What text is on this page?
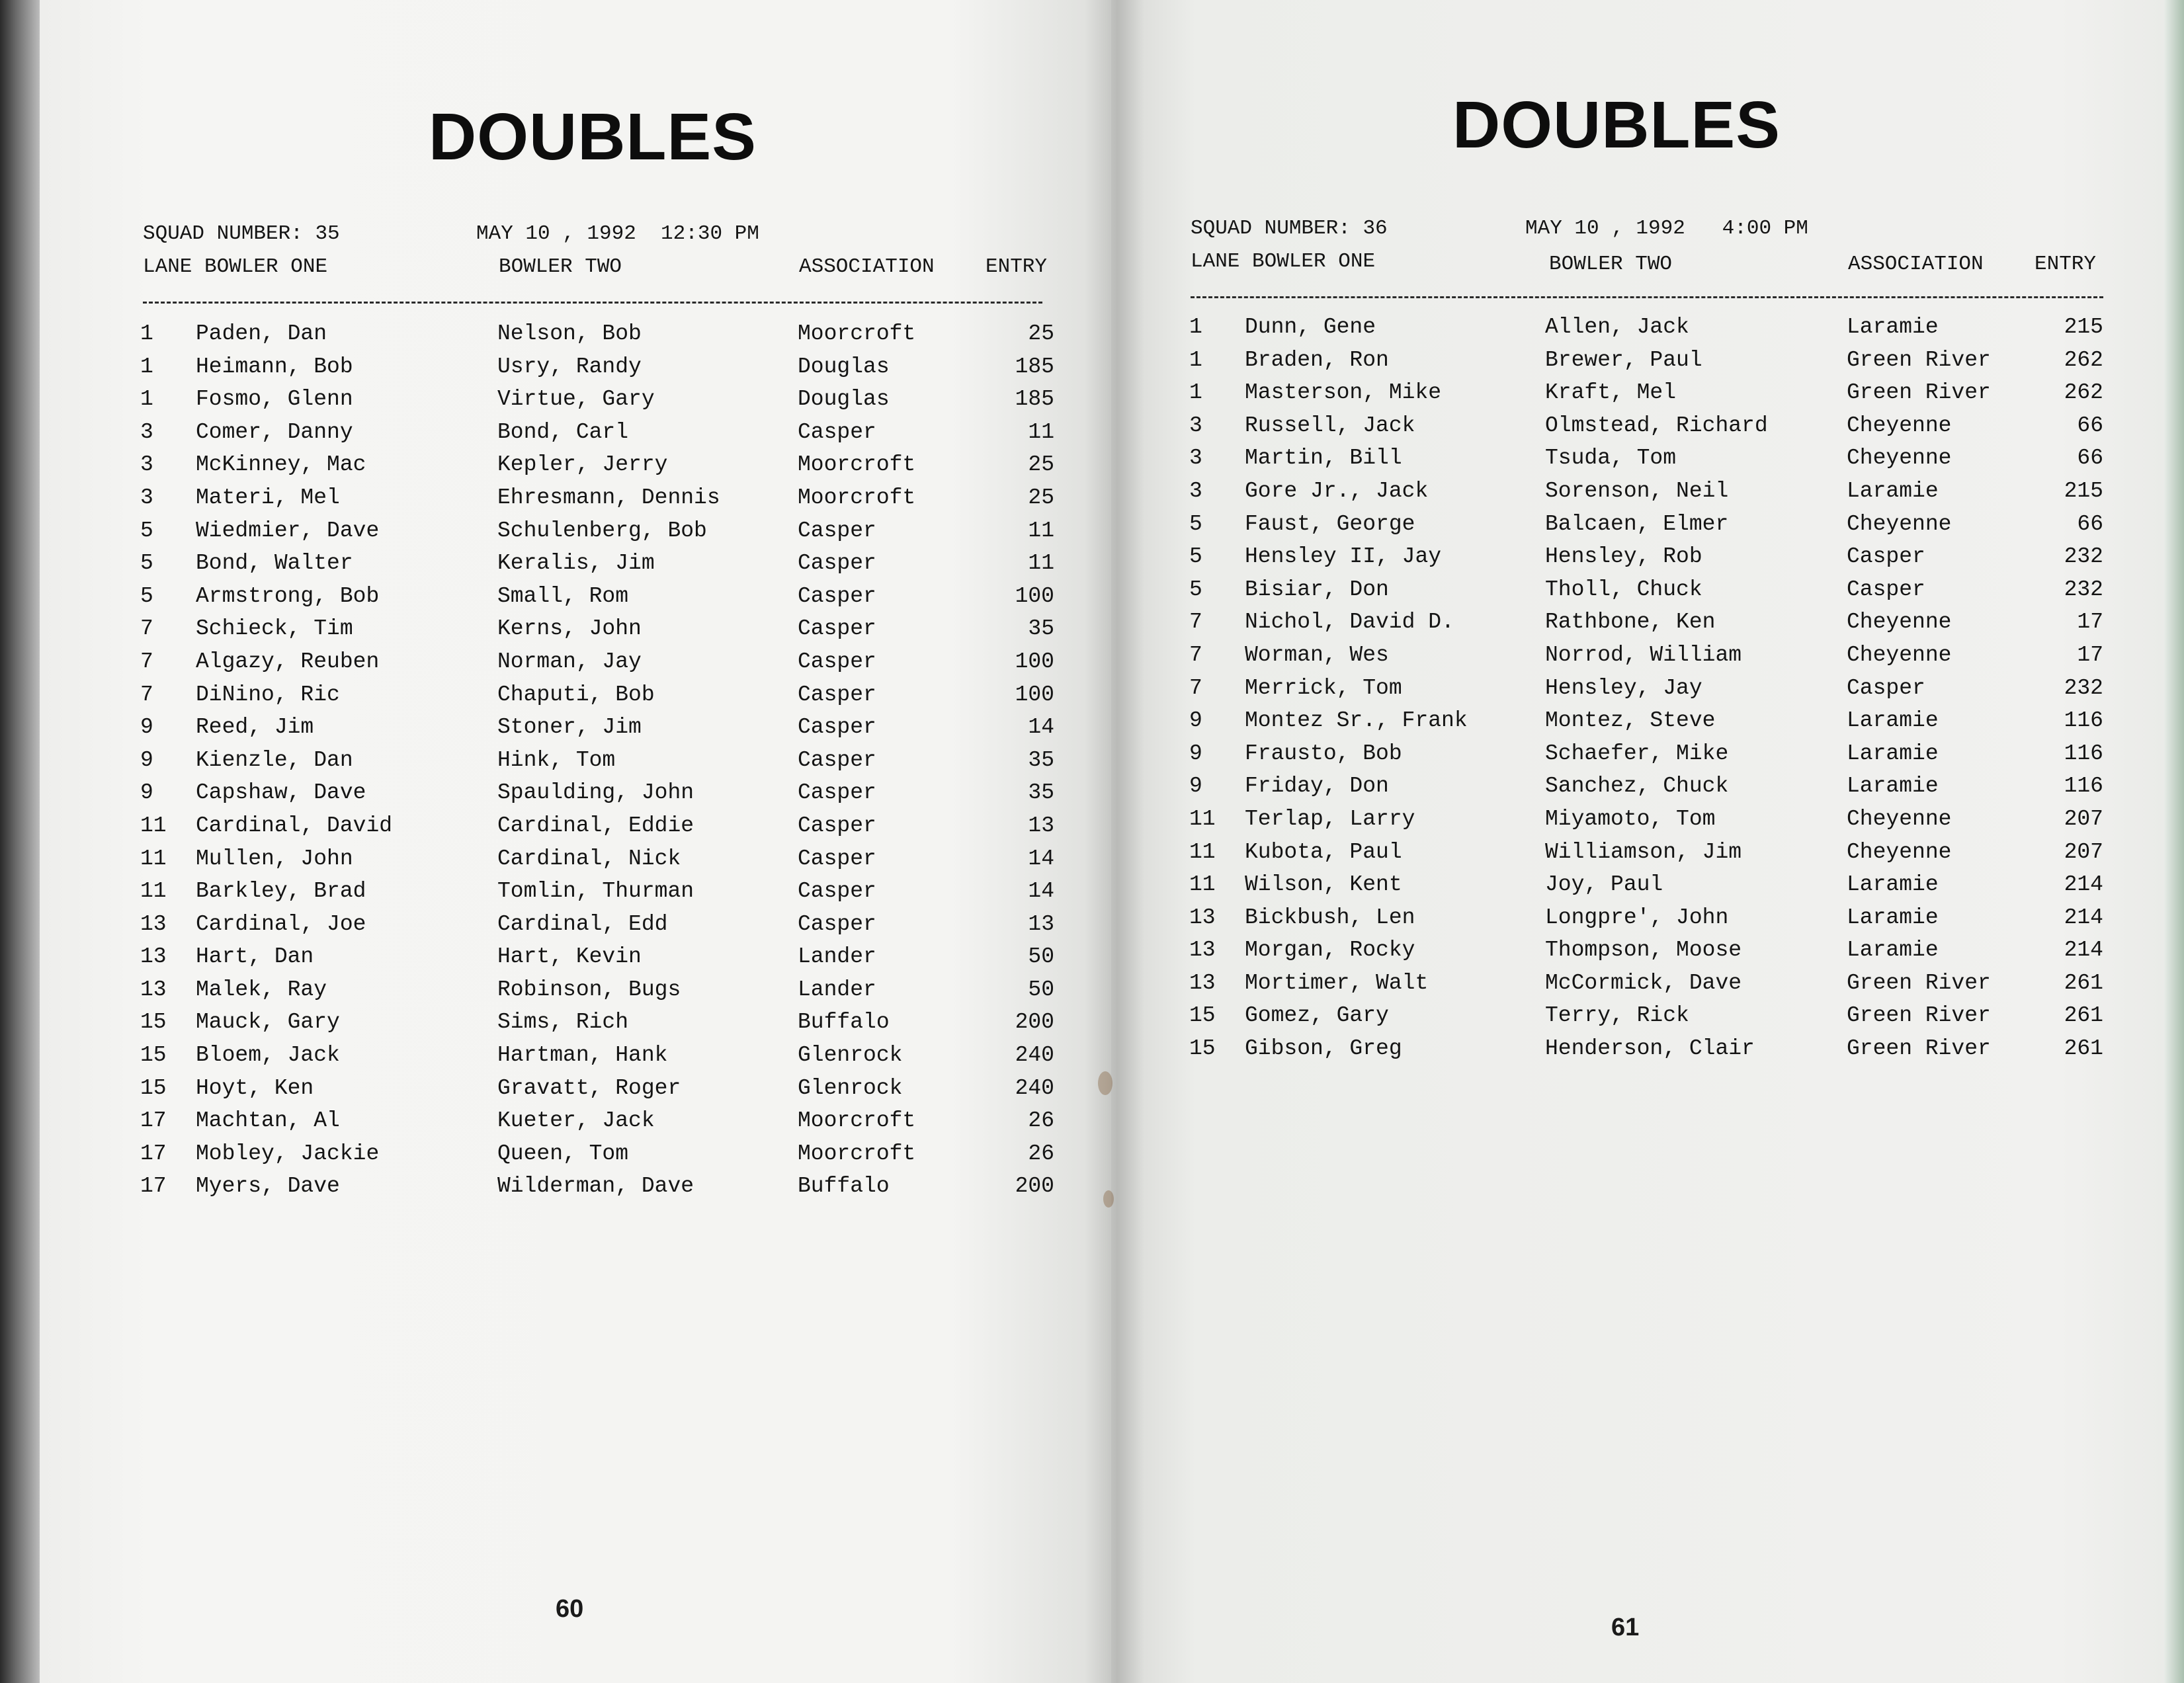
DOUBLES
SQUAD NUMBER: 35	MAY 10 , 1992  12:30 PM
LANE BOWLER ONE	BOWLER TWO	ASSOCIATION ENTRY
1 Paden, Dan	Nelson, Bob	Moorcroft	25
1 Heimann, Bob	Usry, Randy	Douglas	185
1 Fosmo, Glenn	Virtue, Gary	Douglas	185
3 Comer, Danny	Bond, Carl	Casper	11
3 McKinney, Mac	Kepler, Jerry	Moorcroft	25
3 Materi, Mel	Ehresmann, Dennis	Moorcroft	25
5 Wiedmier, Dave	Schulenberg, Bob	Casper	11
5 Bond, Walter	Keralis, Jim	Casper	11
5 Armstrong, Bob	Small, Rom	Casper	100
7 Schieck, Tim	Kerns, John	Casper	35
7 Algazy, Reuben	Norman, Jay	Casper	100
7 DiNino, Ric	Chaputi, Bob	Casper	100
9 Reed, Jim	Stoner, Jim	Casper	14
9 Kienzle, Dan	Hink, Tom	Casper	35
9 Capshaw, Dave	Spaulding, John	Casper	35
11 Cardinal, David	Cardinal, Eddie	Casper	13
11 Mullen, John	Cardinal, Nick	Casper	14
11 Barkley, Brad	Tomlin, Thurman	Casper	14
13 Cardinal, Joe	Cardinal, Edd	Casper	13
13 Hart, Dan	Hart, Kevin	Lander	50
13 Malek, Ray	Robinson, Bugs	Lander	50
15 Mauck, Gary	Sims, Rich	Buffalo	200
15 Bloem, Jack	Hartman, Hank	Glenrock	240
15 Hoyt, Ken	Gravatt, Roger	Glenrock	240
17 Machtan, Al	Kueter, Jack	Moorcroft	26
17 Mobley, Jackie	Queen, Tom	Moorcroft	26
17 Myers, Dave	Wilderman, Dave	Buffalo	200
60
DOUBLES
SQUAD NUMBER: 36	MAY 10 , 1992   4:00 PM
LANE BOWLER ONE	BOWLER TWO	ASSOCIATION ENTRY
1 Dunn, Gene	Allen, Jack	Laramie	215
1 Braden, Ron	Brewer, Paul	Green River	262
1 Masterson, Mike	Kraft, Mel	Green River	262
3 Russell, Jack	Olmstead, Richard	Cheyenne	66
3 Martin, Bill	Tsuda, Tom	Cheyenne	66
3 Gore Jr., Jack	Sorenson, Neil	Laramie	215
5 Faust, George	Balcaen, Elmer	Cheyenne	66
5 Hensley II, Jay	Hensley, Rob	Casper	232
5 Bisiar, Don	Tholl, Chuck	Casper	232
7 Nichol, David D.	Rathbone, Ken	Cheyenne	17
7 Worman, Wes	Norrod, William	Cheyenne	17
7 Merrick, Tom	Hensley, Jay	Casper	232
9 Montez Sr., Frank	Montez, Steve	Laramie	116
9 Frausto, Bob	Schaefer, Mike	Laramie	116
9 Friday, Don	Sanchez, Chuck	Laramie	116
11 Terlap, Larry	Miyamoto, Tom	Cheyenne	207
11 Kubota, Paul	Williamson, Jim	Cheyenne	207
11 Wilson, Kent	Joy, Paul	Laramie	214
13 Bickbush, Len	Longpre', John	Laramie	214
13 Morgan, Rocky	Thompson, Moose	Laramie	214
13 Mortimer, Walt	McCormick, Dave	Green River	261
15 Gomez, Gary	Terry, Rick	Green River	261
15 Gibson, Greg	Henderson, Clair	Green River	261
61
